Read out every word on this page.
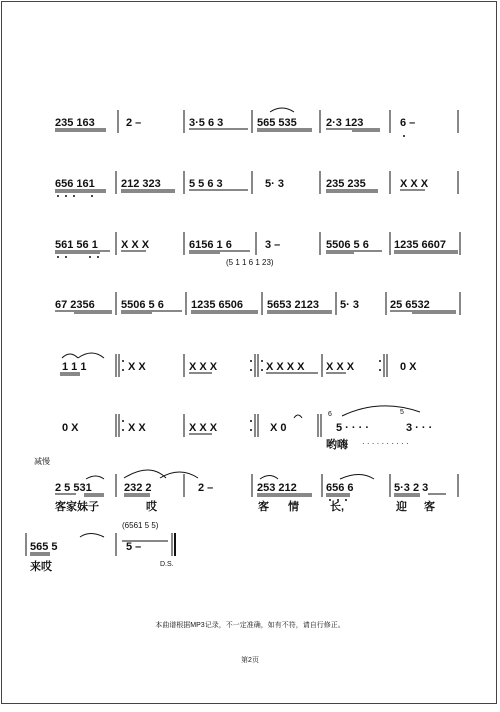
235 163	2 –	3·5 6 3	565 535	2·3 123	6 –
656 161 212 323	5 5 6 3	5· 3	235 235	X X X
561 56 1 X X X	6156 1 6
(5 1 1 6 1 23)
3 –	5506 5 6 1235 6607
67 2356 5506 5 6 1235 6506 5653 2123 5· 3	25 6532
1 1 1	X X	X X X	X X X X X X X	0 X
0 X	X X	X X X	X 0
6
5 · · · ·
5
3 · · ·
哟嗨 · · · · · · · · · ·
减慢
2 5 531	232 2	2 –	253 212	656 6	5·3 2 3
客家妹子	哎	客 情	长,	迎 客
565 5
(6561 5 5)
5 –
来哎	D.S.
本曲谱根据MP3记录，不一定准确，如有不符，请自行修正。
第2页
